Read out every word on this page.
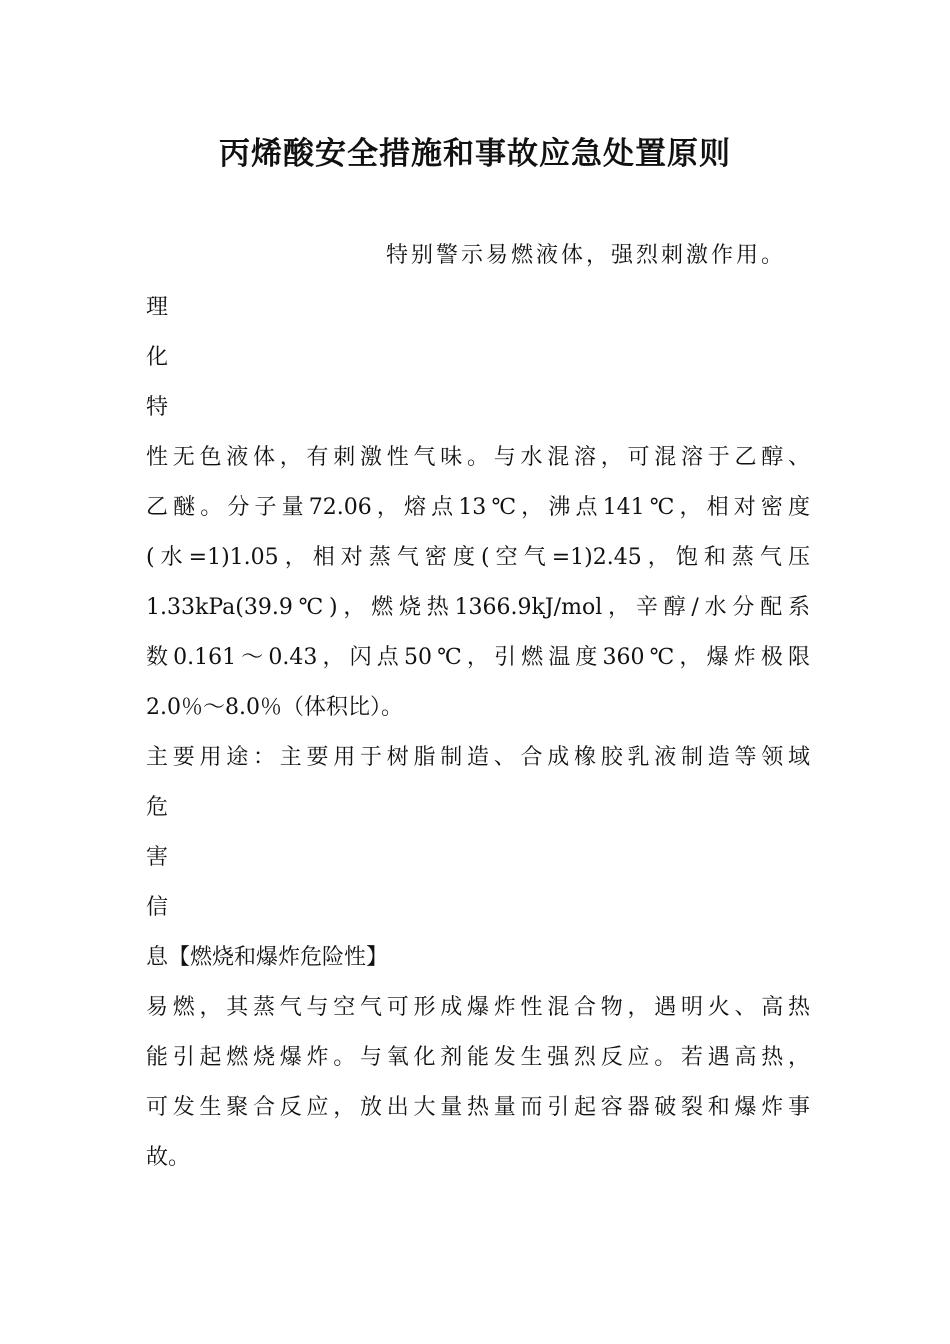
丙烯酸安全措施和事故应急处置原则

特别警示易燃液体，强烈刺激作用。

理
化
特
性无色液体，有刺激性气味。与水混溶，可混溶于乙醇、
乙醚。分子量72.06，熔点13℃，沸点141℃，相对密度
(水=1)1.05，相对蒸气密度(空气=1)2.45，饱和蒸气压
1.33kPa(39.9℃)，燃烧热1366.9kJ/mol，辛醇/水分配系
数0.161～0.43，闪点50℃，引燃温度360℃，爆炸极限
2.0％～8.0％（体积比）。
主要用途：主要用于树脂制造、合成橡胶乳液制造等领域
危
害
信
息【燃烧和爆炸危险性】
易燃，其蒸气与空气可形成爆炸性混合物，遇明火、高热
能引起燃烧爆炸。与氧化剂能发生强烈反应。若遇高热，
可发生聚合反应，放出大量热量而引起容器破裂和爆炸事
故。
